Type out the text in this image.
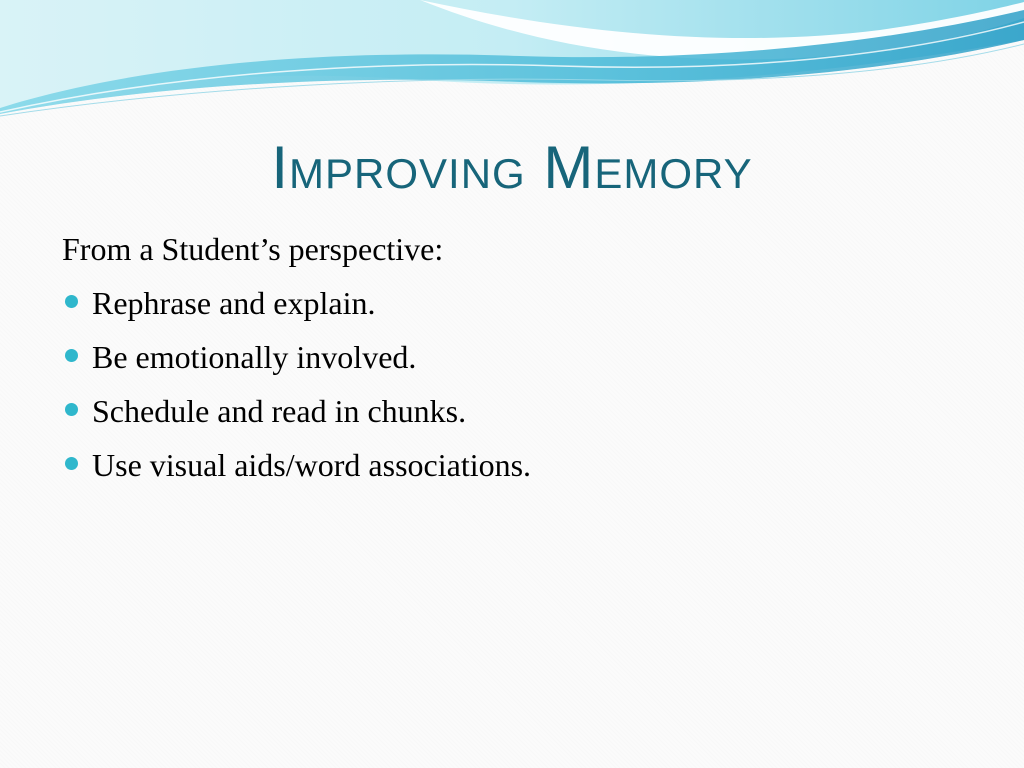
Improving Memory

From a Student’s perspective:

Rephrase and explain.
Be emotionally involved.
Schedule and read in chunks.
Use visual aids/word associations.
